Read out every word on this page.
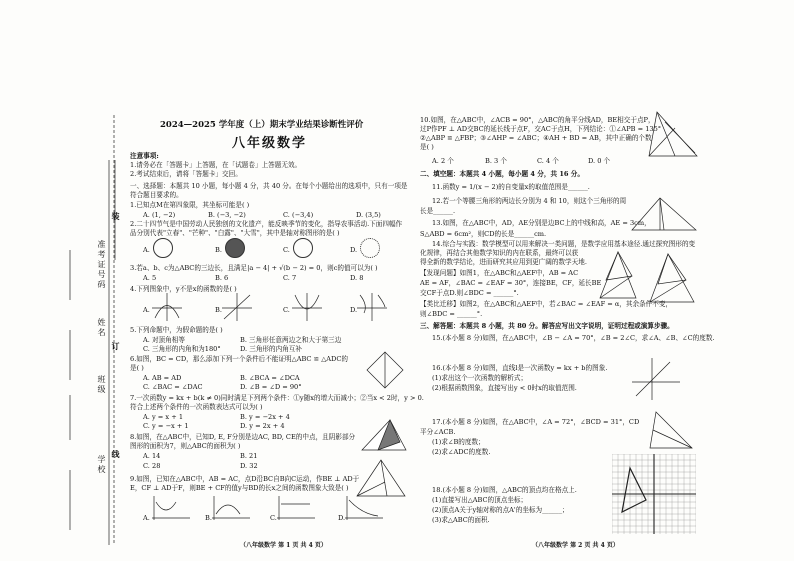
准考证号码
姓名
班级
学校
装
订
线
2024—2025 学年度（上）期末学业结果诊断性评价
八年级数学
注意事项:
1.请务必在「答题卡」上答题，在「试题卷」上答题无效。
2.考试结束后，请将「答题卡」交回。
一、选择题：本题共 10 小题，每小题 4 分，共 40 分。在每个小题给出的选项中，只有一项是符合题目要求的。
1.已知点M在第四象限，其坐标可能是( )
A. (1, −2)	B. (−3, −2)	C. (−3,4)	D. (3,5)
2.二十四节气是中国劳动人民独创的文化遗产，能反映季节的变化，指导农事活动.下面四幅作
品分别代表"立春"、"芒种"、"白露"、"大雪"，其中是轴对称图形的是( )
A.	B.	C.	D.
3.若a、b、c为△ABC的三边长，且满足|a − 4| + √(b − 2) = 0，则c的值可以为( )
A. 5	B. 6	C. 7	D. 8
4.下列图象中，y不是x的函数的是( )
A.	B.	C.	D.
5.下列命题中，为假命题的是( )
A. 对顶角相等	B. 三角形任意两边之和大于第三边
C. 三角形的内角和为180°	D. 三角形的内角互补
6.如图，BC = CD，那么添加下列一个条件后不能证明△ABC ≌ △ADC的
是( )
A. AB = AD	B. ∠BCA = ∠DCA
C. ∠BAC = ∠DAC	D. ∠B = ∠D = 90°
7.一次函数y = kx + b(k ≠ 0)同时满足下列两个条件：①y随x的增大而减小；②当x < 2时，y > 0.
符合上述两个条件的一次函数表达式可以为( )
A. y = x + 1	B. y = −2x + 4
C. y = −x + 1	D. y = 2x + 4
8.如图，在△ABC中，已知D, E, F分别是边AC, BD, CE的中点，且阴影部分
图形的面积为7，则△ABC的面积为( )
A. 14	B. 21
C. 28	D. 32
9.如图，已知在△ABC中，AB = AC，点D沿BC自B向C运动，作BE ⊥ AD于
E，CF ⊥ AD于F，则BE + CF的值y与BD的长x之间的函数图象大致是( )
A.	B.	C.	D.
（八年级数学 第 1 页 共 4 页）
10.如图，在△ABC中，∠ACB = 90°，△ABC的角平分线AD，BE相交于点P，
过P作PF ⊥ AD交BC的延长线于点F，交AC于点H，下列结论：①∠APB = 135°
②△ABP ≌ △FBP；③∠AHP = ∠ABC；④AH + BD = AB，其中正确的个数
是( )
A. 2 个	B. 3 个	C. 4 个	D. 0 个
二、填空题：本题共 4 小题，每小题 4 分，共 16 分。
11.函数y = 1/(x − 2)的自变量x的取值范围是______.
12.若一个等腰三角形的两边长分别为 4 和 10，则这个三角形的周
长是______.
13.如图，在△ABC中，AD，AE分别是边BC上的中线和高，AE = 3cm，
S△ABD = 6cm²，则CD的长是______cm.
14.综合与实践：数学模型可以用来解决一类问题，是数学应用基本途径.通过探究图形的变
化规律，再结合其他数学知识的内在联系，最终可以获
得全新的数学结论，进而研究其应用到更广阔的数学天地.
【发现问题】如图1，在△ABC和△AEF中，AB = AC
AE = AF，∠BAC = ∠EAF = 30°，连接BE，CF，延长BE
交CF于点D.则∠BDC = ______°.
【类比迁移】如图2，在△ABC和△AEF中，若∠BAC = ∠EAF = α，其余条件不变，
则∠BDC = ______°.
三、解答题：本题共 8 小题，共 80 分。解答应写出文字说明，证明过程或演算步骤。
15.(本小题 8 分)如图，在△ABC中，∠B − ∠A = 70°，∠B = 2∠C，求∠A、∠B、∠C的度数.
16.(本小题 8 分)如图，直线l是一次函数y = kx + b的图象.
(1)求出这个一次函数的解析式；
(2)根据函数图象，直接写出y < 0时x的取值范围.
17.(本小题 8 分)如图，在△ABC中，∠A = 72°，∠BCD = 31°，CD
平分∠ACB.
(1)求∠B的度数；
(2)求∠ADC的度数.
18.(本小题 8 分)如图，△ABC的顶点均在格点上.
(1)直接写出△ABC的顶点坐标；
(2)顶点A关于y轴对称的点A'的坐标为______；
(3)求△ABC的面积.
（八年级数学 第 2 页 共 4 页）
